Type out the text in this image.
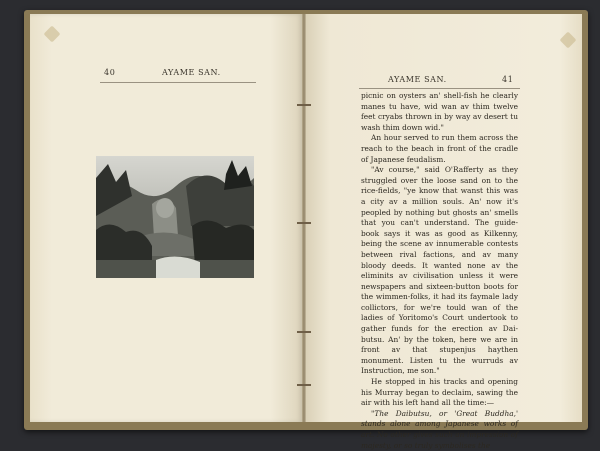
40	AYAME SAN.
AYAME SAN.	41

picnic on oysters an' shell-fish he clearly manes tu have, wid wan av thim twelve feet cryabs thrown in by way av desert tu wash thim down wid."

An hour served to run them across the reach to the beach in front of the cradle of Japanese feudalism.

"Av course," said O'Rafferty as they struggled over the loose sand on to the rice-fields, "ye know that wanst this was a city av a million souls. An' now it's peopled by nothing but ghosts an' smells that you can't understand. The guide-book says it was as good as Kilkenny, being the scene av innumerable contests between rival factions, and av many bloody deeds. It wanted none av the eliminits av civilisation unless it were newspapers and sixteen-button boots for the wimmen-folks, it had its faymale lady collictors, for we're tould wan of the ladies of Yoritomo's Court undertook to gather funds for the erection av Dai-butsu. An' by the token, here we are in front av that stupenjus haythen monument. Listen tu the wurruds av Instruction, me son."

He stopped in his tracks and opening his Murray began to declaim, sawing the air with his left hand all the time:—

"The Daibutsu, or 'Great Buddha,' stands alone among Japanese works of art. No other gives such an impression of majesty, or so truly symbolises the
